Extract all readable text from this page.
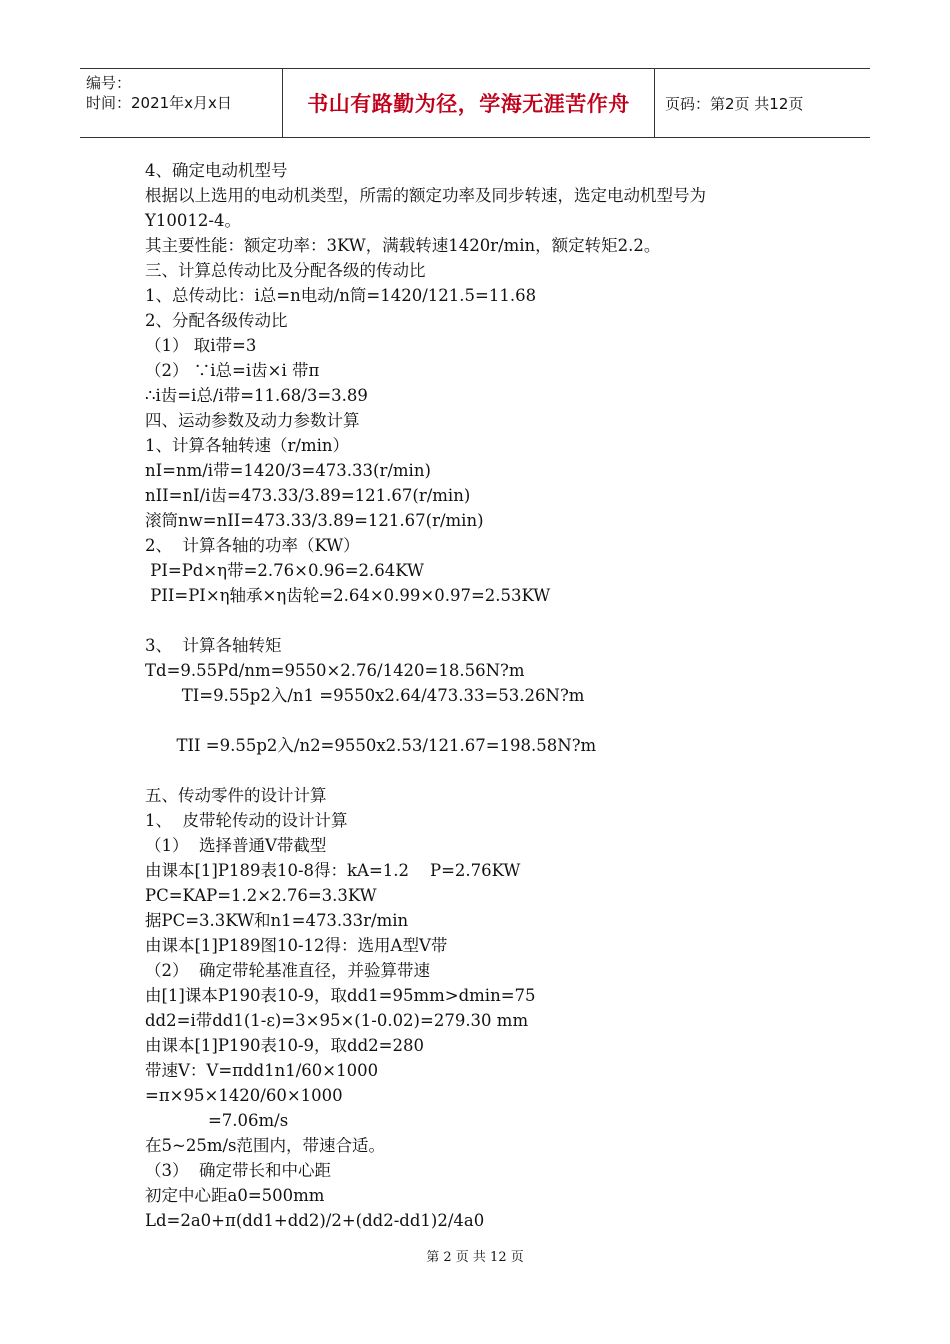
编号：
时间：2021年x月x日	书山有路勤为径，学海无涯苦作舟	页码：第2页 共12页
4、确定电动机型号
根据以上选用的电动机类型，所需的额定功率及同步转速，选定电动机型号为
Y10012-4。
其主要性能：额定功率：3KW，满载转速1420r/min，额定转矩2.2。
三、计算总传动比及分配各级的传动比
1、总传动比：i总=n电动/n筒=1420/121.5=11.68
2、分配各级传动比
（1） 取i带=3
（2） ∵i总=i齿×i 带π
∴i齿=i总/i带=11.68/3=3.89
四、运动参数及动力参数计算
1、计算各轴转速（r/min）
nI=nm/i带=1420/3=473.33(r/min)
nII=nI/i齿=473.33/3.89=121.67(r/min)
滚筒nw=nII=473.33/3.89=121.67(r/min)
2、  计算各轴的功率（KW）
PI=Pd×η带=2.76×0.96=2.64KW
PII=PI×η轴承×η齿轮=2.64×0.99×0.97=2.53KW
3、  计算各轴转矩
Td=9.55Pd/nm=9550×2.76/1420=18.56N?m
TI=9.55p2入/n1 =9550x2.64/473.33=53.26N?m
TII =9.55p2入/n2=9550x2.53/121.67=198.58N?m
五、传动零件的设计计算
1、  皮带轮传动的设计计算
（1）  选择普通V带截型
由课本[1]P189表10-8得：kA=1.2    P=2.76KW
PC=KAP=1.2×2.76=3.3KW
据PC=3.3KW和n1=473.33r/min
由课本[1]P189图10-12得：选用A型V带
（2）  确定带轮基准直径，并验算带速
由[1]课本P190表10-9，取dd1=95mm>dmin=75
dd2=i带dd1(1-ε)=3×95×(1-0.02)=279.30 mm
由课本[1]P190表10-9，取dd2=280
带速V：V=πdd1n1/60×1000
=π×95×1420/60×1000
=7.06m/s
在5~25m/s范围内，带速合适。
（3）  确定带长和中心距
初定中心距a0=500mm
Ld=2a0+π(dd1+dd2)/2+(dd2-dd1)2/4a0
第 2 页 共 12 页
